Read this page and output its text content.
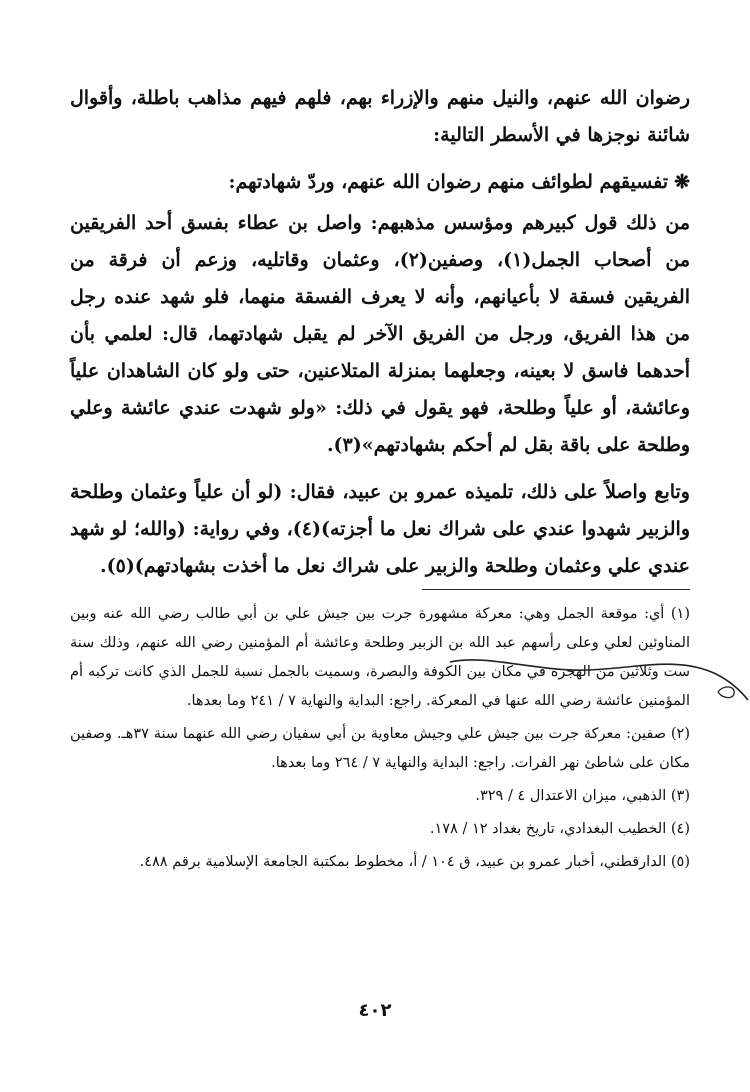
رضوان الله عنهم، والنيل منهم والإزراء بهم، فلهم فيهم مذاهب باطلة، وأقوال شائنة نوجزها في الأسطر التالية:

❋تفسيقهم لطوائف منهم رضوان الله عنهم، وردّ شهادتهم:

من ذلك قول كبيرهم ومؤسس مذهبهم: واصل بن عطاء بفسق أحد الفريقين من أصحاب الجمل(١)، وصفين(٢)، وعثمان وقاتليه، وزعم أن فرقة من الفريقين فسقة لا بأعيانهم، وأنه لا يعرف الفسقة منهما، فلو شهد عنده رجل من هذا الفريق، ورجل من الفريق الآخر لم يقبل شهادتهما، قال: لعلمي بأن أحدهما فاسق لا بعينه، وجعلهما بمنزلة المتلاعنين، حتى ولو كان الشاهدان علياً وعائشة، أو علياً وطلحة، فهو يقول في ذلك: «ولو شهدت عندي عائشة وعلي وطلحة على باقة بقل لم أحكم بشهادتهم»(٣).

وتابع واصلاً على ذلك، تلميذه عمرو بن عبيد، فقال: (لو أن علياً وعثمان وطلحة والزبير شهدوا عندي على شراك نعل ما أجزته)(٤)، وفي رواية: (والله؛ لو شهد عندي علي وعثمان وطلحة والزبير على شراك نعل ما أخذت بشهادتهم)(٥).

(١) أي: موقعة الجمل وهي: معركة مشهورة جرت بين جيش علي بن أبي طالب رضي الله عنه وبين المناوئين لعلي وعلى رأسهم عبد الله بن الزبير وطلحة وعائشة أم المؤمنين رضي الله عنهم، وذلك سنة ست وثلاثين من الهجرة في مكان بين الكوفة والبصرة، وسميت بالجمل نسبة للجمل الذي كانت تركبه أم المؤمنين عائشة رضي الله عنها في المعركة. راجع: البداية والنهاية ٧ / ٢٤١ وما بعدها.

(٢) صفين: معركة جرت بين جيش علي وجيش معاوية بن أبي سفيان رضي الله عنهما سنة ٣٧هـ. وصفين مكان على شاطئ نهر الفرات. راجع: البداية والنهاية ٧ / ٢٦٤ وما بعدها.

(٣) الذهبي، ميزان الاعتدال ٤ / ٣٢٩.

(٤) الخطيب البغدادي، تاريخ بغداد ١٢ / ١٧٨.

(٥) الدارقطني، أخبار عمرو بن عبيد، ق ١٠٤ / أ، مخطوط بمكتبة الجامعة الإسلامية برقم ٤٨٨.

٤٠٢
